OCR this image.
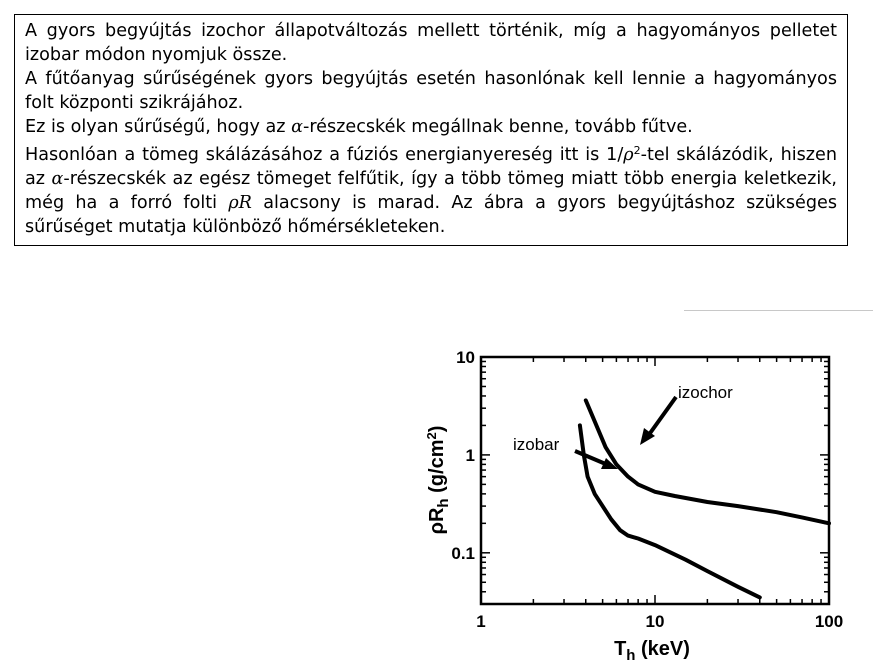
A gyors begyújtás izochor állapotváltozás mellett történik, míg a hagyományos pelletet izobar módon nyomjuk össze.

A fűtőanyag sűrűségének gyors begyújtás esetén hasonlónak kell lennie a hagyományos folt központi szikrájához.

Ez is olyan sűrűségű, hogy az α-részecskék megállnak benne, tovább fűtve.

Hasonlóan a tömeg skálázásához a fúziós energianyereség itt is $1/\rho^2$-tel skálázódik, hiszen az α-részecskék az egész tömeget felfűtik, így a több tömeg miatt több energia keletkezik, még ha a forró folti ρR alacsony is marad. Az ábra a gyors begyújtáshoz szükséges sűrűséget mutatja különböző hőmérsékleteken.

1	10	100
0.1
1
10
$T_h$ (keV)
$\rho R_h$ $(g/cm^2)$
izochor
izobar
